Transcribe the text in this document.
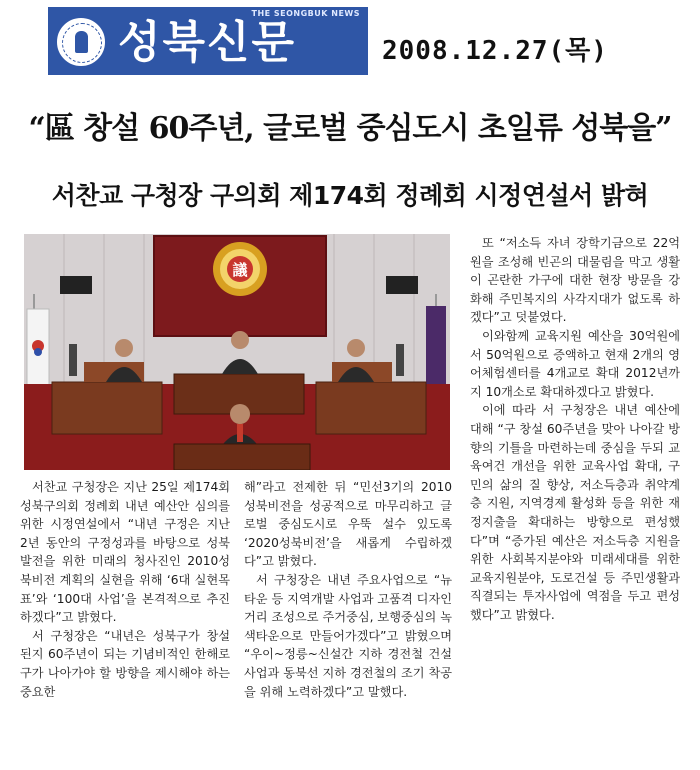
THE SEONGBUK NEWS
성북신문	2008.12.27(목)
“區 창설 60주년, 글로벌 중심도시 초일류 성북을”
서찬교 구청장 구의회 제174회 정례회 시정연설서 밝혀
議

서찬교 구청장은 지난 25일 제174회 성북구의회 정례회 내년 예산안 심의를 위한 시정연설에서 “내년 구정은 지난 2년 동안의 구정성과를 바탕으로 성북 발전을 위한 미래의 청사진인 2010성북비전 계획의 실현을 위해 ‘6대 실현목표’와 ‘100대 사업’을 본격적으로 추진하겠다”고 밝혔다.

서 구청장은 “내년은 성북구가 창설된지 60주년이 되는 기념비적인 한해로 구가 나아가야 할 방향을 제시해야 하는 중요한

해”라고 전제한 뒤 “민선3기의 2010성북비전을 성공적으로 마무리하고 글로벌 중심도시로 우뚝 설수 있도록 ‘2020성북비전’을 새롭게 수립하겠다”고 밝혔다.

서 구청장은 내년 주요사업으로 “뉴타운 등 지역개발 사업과 고품격 디자인거리 조성으로 주거중심, 보행중심의 녹색타운으로 만들어가겠다”고 밝혔으며 “우이~정릉~신설간 지하 경전철 건설사업과 동북선 지하 경전철의 조기 착공을 위해 노력하겠다”고 말했다.

또 “저소득 자녀 장학기금으로 22억원을 조성해 빈곤의 대물림을 막고 생활이 곤란한 가구에 대한 현장 방문을 강화해 주민복지의 사각지대가 없도록 하겠다”고 덧붙였다.

이와함께 교육지원 예산을 30억원에서 50억원으로 증액하고 현재 2개의 영어체험센터를 4개교로 확대 2012년까지 10개소로 확대하겠다고 밝혔다.

이에 따라 서 구청장은 내년 예산에 대해 “구 창설 60주년을 맞아 나아갈 방향의 기틀을 마련하는데 중심을 두되 교육여건 개선을 위한 교육사업 확대, 구민의 삶의 질 향상, 저소득층과 취약계층 지원, 지역경제 활성화 등을 위한 재정지출을 확대하는 방향으로 편성했다”며 “증가된 예산은 저소득층 지원을 위한 사회복지분야와 미래세대를 위한 교육지원분야, 도로건설 등 주민생활과 직결되는 투자사업에 역점을 두고 편성했다”고 밝혔다.
